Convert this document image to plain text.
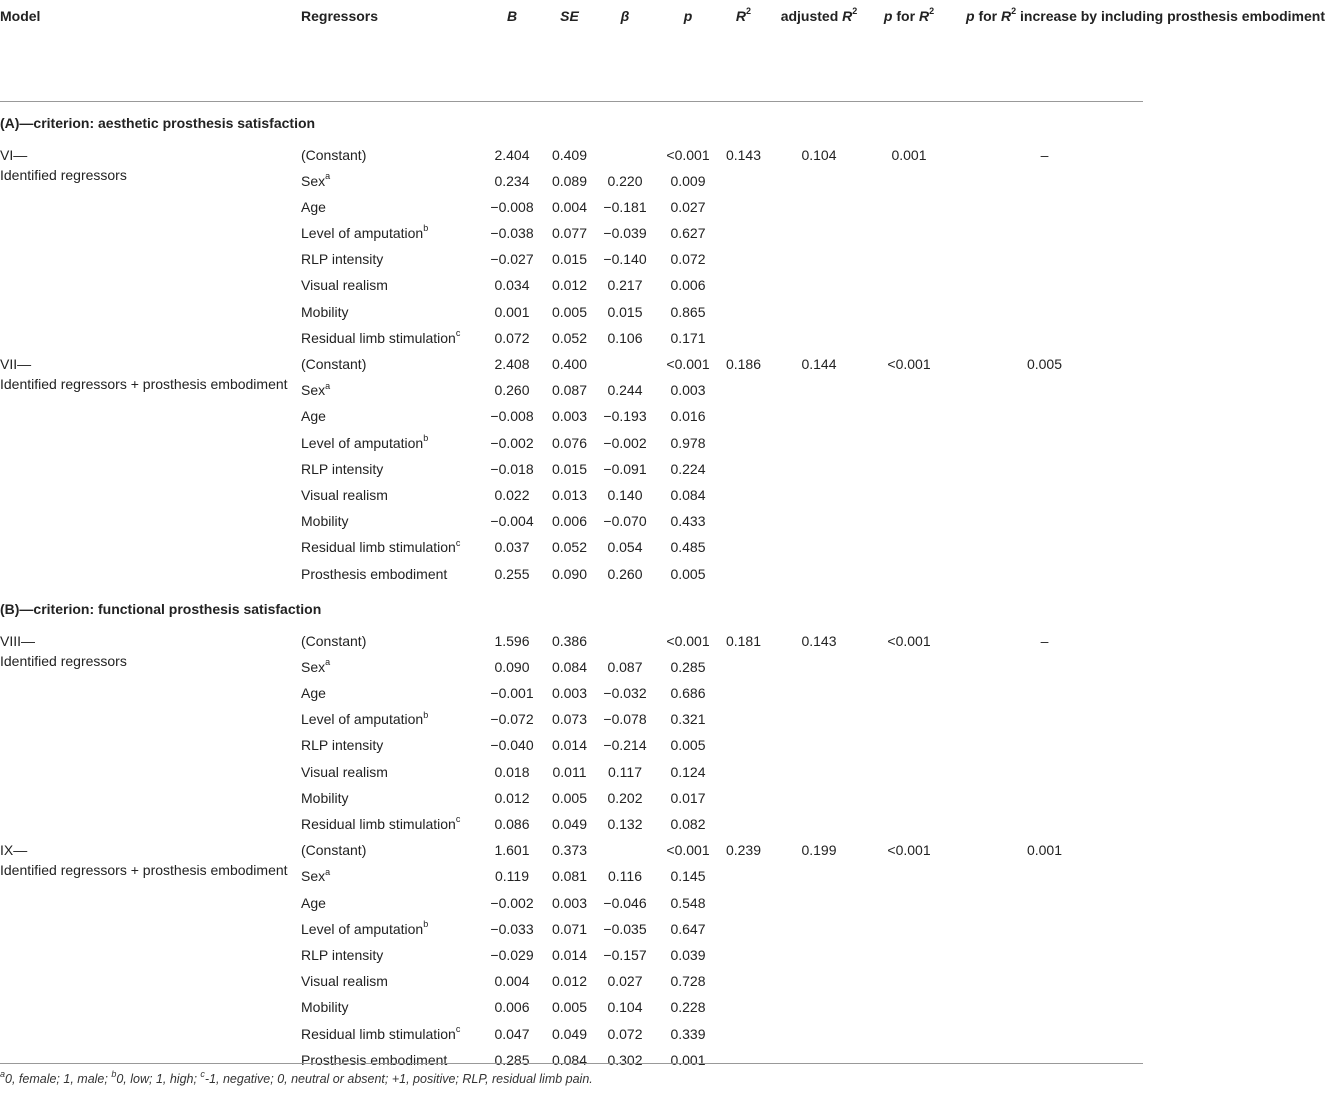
Model	Regressors	B	SE	β	p	$R^2$	adjusted $R^2$	p for $R^2$	p for $R^2$ increase by including prosthesis embodiment
(A)—criterion: aesthetic prosthesis satisfaction									

VI—
Identified regressors	(Constant)	2.404	0.409		<0.001	0.143	0.104	0.001	–
	Sex$^a$	0.234	0.089	0.220	0.009				
	Age	−0.008	0.004	−0.181	0.027				
	Level of amputation$^b$	−0.038	0.077	−0.039	0.627				
	RLP intensity	−0.027	0.015	−0.140	0.072				
	Visual realism	0.034	0.012	0.217	0.006				
	Mobility	0.001	0.005	0.015	0.865				
	Residual limb stimulation$^c$	0.072	0.052	0.106	0.171				

VII—
Identified regressors + prosthesis embodiment	(Constant)	2.408	0.400		<0.001	0.186	0.144	<0.001	0.005
	Sex$^a$	0.260	0.087	0.244	0.003				
	Age	−0.008	0.003	−0.193	0.016				
	Level of amputation$^b$	−0.002	0.076	−0.002	0.978				
	RLP intensity	−0.018	0.015	−0.091	0.224				
	Visual realism	0.022	0.013	0.140	0.084				
	Mobility	−0.004	0.006	−0.070	0.433				
	Residual limb stimulation$^c$	0.037	0.052	0.054	0.485				
	Prosthesis embodiment	0.255	0.090	0.260	0.005				
(B)—criterion: functional prosthesis satisfaction									

VIII—
Identified regressors	(Constant)	1.596	0.386		<0.001	0.181	0.143	<0.001	–
	Sex$^a$	0.090	0.084	0.087	0.285				
	Age	−0.001	0.003	−0.032	0.686				
	Level of amputation$^b$	−0.072	0.073	−0.078	0.321				
	RLP intensity	−0.040	0.014	−0.214	0.005				
	Visual realism	0.018	0.011	0.117	0.124				
	Mobility	0.012	0.005	0.202	0.017				
	Residual limb stimulation$^c$	0.086	0.049	0.132	0.082				

IX—
Identified regressors + prosthesis embodiment	(Constant)	1.601	0.373		<0.001	0.239	0.199	<0.001	0.001
	Sex$^a$	0.119	0.081	0.116	0.145				
	Age	−0.002	0.003	−0.046	0.548				
	Level of amputation$^b$	−0.033	0.071	−0.035	0.647				
	RLP intensity	−0.029	0.014	−0.157	0.039				
	Visual realism	0.004	0.012	0.027	0.728				
	Mobility	0.006	0.005	0.104	0.228				
	Residual limb stimulation$^c$	0.047	0.049	0.072	0.339				
	Prosthesis embodiment	0.285	0.084	0.302	0.001				
$^a$0, female; 1, male; $^b$0, low; 1, high; $^c$-1, negative; 0, neutral or absent; +1, positive; RLP, residual limb pain.
